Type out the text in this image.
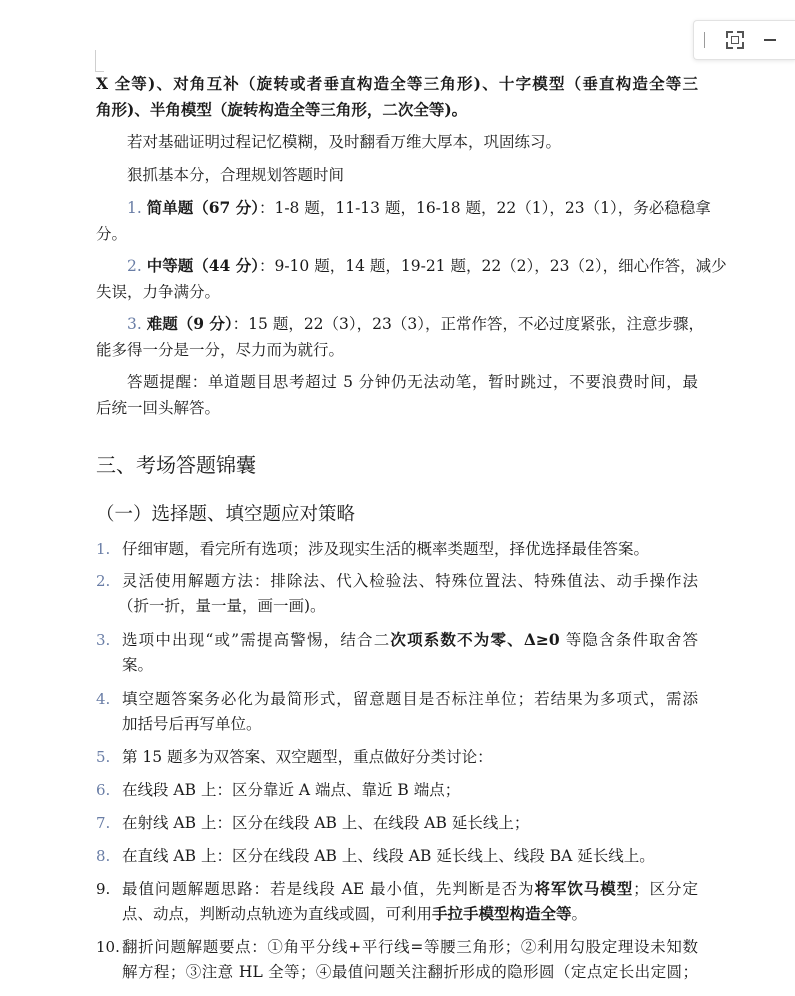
X 全等)、对角互补（旋转或者垂直构造全等三角形)、十字模型（垂直构造全等三
角形)、半角模型（旋转构造全等三角形，二次全等)。
若对基础证明过程记忆模糊，及时翻看万维大厚本，巩固练习。
狠抓基本分，合理规划答题时间
1. 简单题（67 分）：1-8 题，11-13 题，16-18 题，22（1），23（1），务必稳稳拿
分。
2. 中等题（44 分）：9-10 题，14 题，19-21 题，22（2），23（2），细心作答，减少
失误，力争满分。
3. 难题（9 分）：15 题，22（3），23（3），正常作答，不必过度紧张，注意步骤，
能多得一分是一分，尽力而为就行。
答题提醒：单道题目思考超过 5 分钟仍无法动笔，暂时跳过，不要浪费时间，最
后统一回头解答。
三、考场答题锦囊
（一）选择题、填空题应对策略
1. 仔细审题，看完所有选项；涉及现实生活的概率类题型，择优选择最佳答案。
2. 灵活使用解题方法：排除法、代入检验法、特殊位置法、特殊值法、动手操作法
（折一折，量一量，画一画)。
3. 选项中出现“或”需提高警惕，结合二次项系数不为零、Δ≥0 等隐含条件取舍答
案。
4. 填空题答案务必化为最简形式，留意题目是否标注单位；若结果为多项式，需添
加括号后再写单位。
5. 第 15 题多为双答案、双空题型，重点做好分类讨论：
6. 在线段 AB 上：区分靠近 A 端点、靠近 B 端点；
7. 在射线 AB 上：区分在线段 AB 上、在线段 AB 延长线上；
8. 在直线 AB 上：区分在线段 AB 上、线段 AB 延长线上、线段 BA 延长线上。
9. 最值问题解题思路：若是线段 AE 最小值，先判断是否为将军饮马模型；区分定
点、动点，判断动点轨迹为直线或圆，可利用手拉手模型构造全等。
10. 翻折问题解题要点：①角平分线+平行线=等腰三角形；②利用勾股定理设未知数
解方程；③注意 HL 全等；④最值问题关注翻折形成的隐形圆（定点定长出定圆；
